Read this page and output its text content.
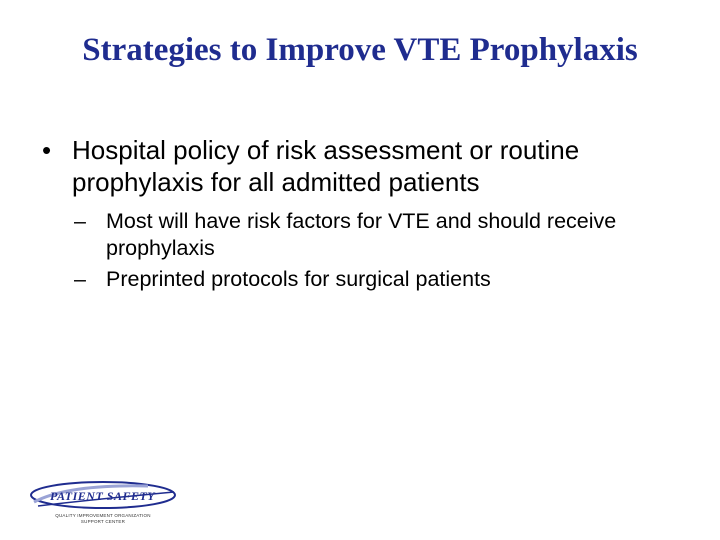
Strategies to Improve VTE Prophylaxis
• Hospital policy of risk assessment or routine prophylaxis for all admitted patients
– Most will have risk factors for VTE and should receive prophylaxis
– Preprinted protocols for surgical patients
PATIENT SAFETY
QUALITY IMPROVEMENT ORGANIZATION
SUPPORT CENTER
